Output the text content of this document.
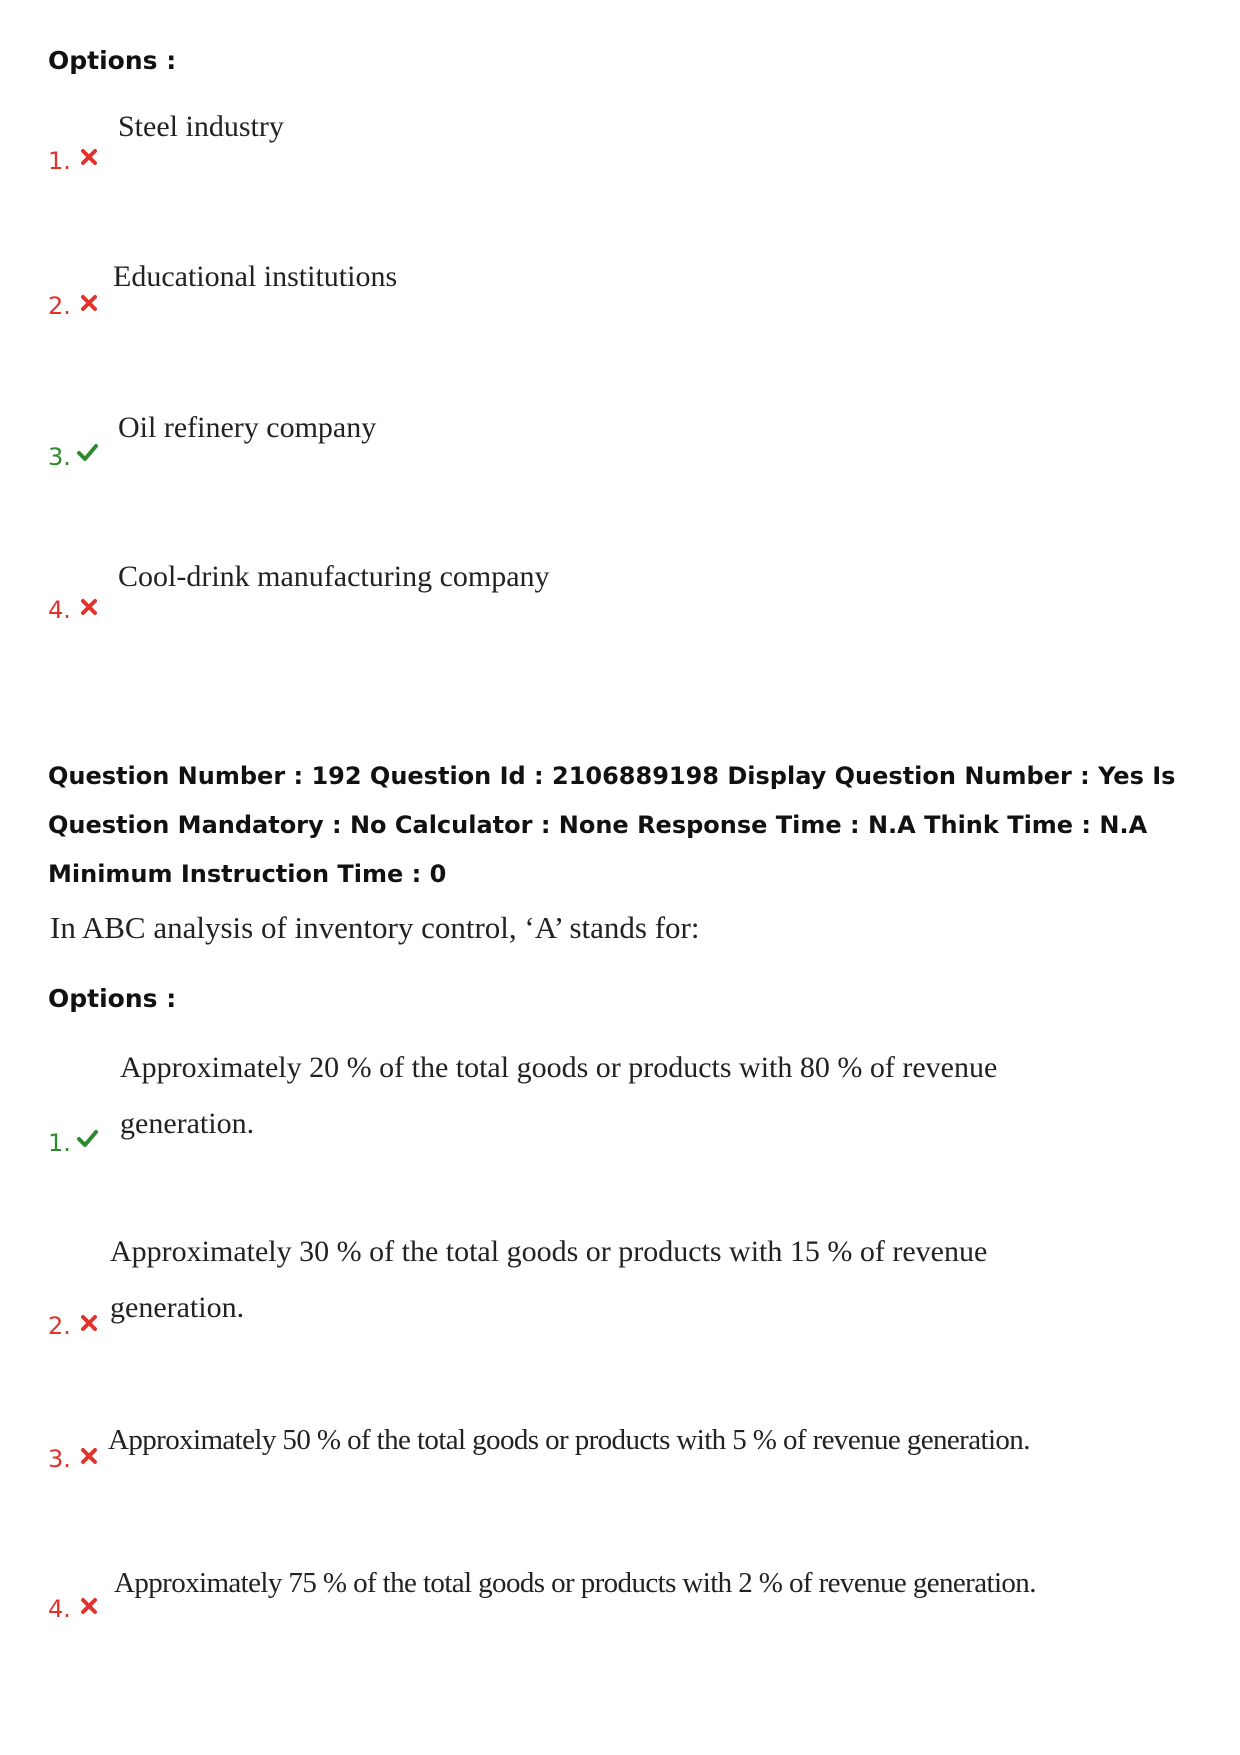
Options :
1.
Steel industry
2.
Educational institutions
3.
Oil refinery company
4.
Cool-drink manufacturing company
Question Number : 192 Question Id : 2106889198 Display Question Number : Yes Is Question Mandatory : No Calculator : None Response Time : N.A Think Time : N.A Minimum Instruction Time : 0
In ABC analysis of inventory control, ‘A’ stands for:
Options :
1.
Approximately 20 % of the total goods or products with 80 % of revenue generation.
2.
Approximately 30 % of the total goods or products with 15 % of revenue generation.
3.
Approximately 50 % of the total goods or products with 5 % of revenue generation.
4.
Approximately 75 % of the total goods or products with 2 % of revenue generation.
